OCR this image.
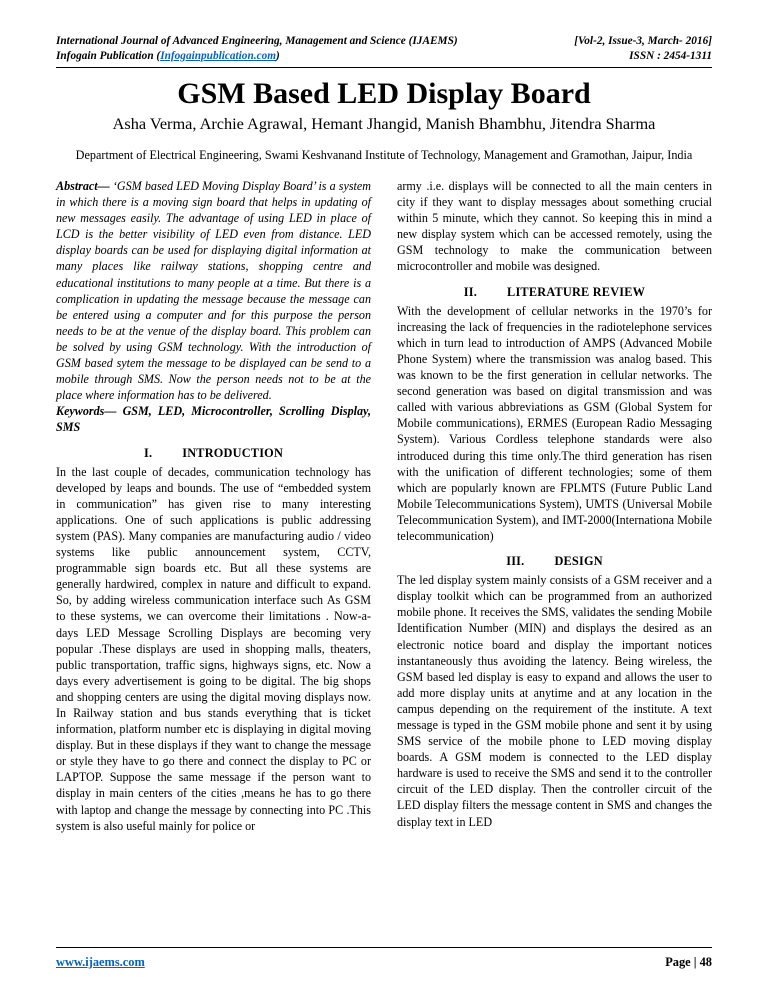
International Journal of Advanced Engineering, Management and Science (IJAEMS)
Infogain Publication (Infogainpublication.com)
[Vol-2, Issue-3, March- 2016]
ISSN : 2454-1311
GSM Based LED Display Board
Asha Verma, Archie Agrawal, Hemant Jhangid, Manish Bhambhu, Jitendra Sharma
Department of Electrical Engineering, Swami Keshvanand Institute of Technology, Management and Gramothan, Jaipur, India

Abstract— ‘GSM based LED Moving Display Board’ is a system in which there is a moving sign board that helps in updating of new messages easily. The advantage of using LED in place of LCD is the better visibility of LED even from distance. LED display boards can be used for displaying digital information at many places like railway stations, shopping centre and educational institutions to many people at a time. But there is a complication in updating the message because the message can be entered using a computer and for this purpose the person needs to be at the venue of the display board. This problem can be solved by using GSM technology. With the introduction of GSM based sytem the message to be displayed can be send to a mobile through SMS. Now the person needs not to be at the place where information has to be delivered.

Keywords— GSM, LED, Microcontroller, Scrolling Display, SMS

I. INTRODUCTION

In the last couple of decades, communication technology has developed by leaps and bounds. The use of “embedded system in communication” has given rise to many interesting applications. One of such applications is public addressing system (PAS). Many companies are manufacturing audio / video systems like public announcement system, CCTV, programmable sign boards etc. But all these systems are generally hardwired, complex in nature and difficult to expand. So, by adding wireless communication interface such As GSM to these systems, we can overcome their limitations . Now-a-days LED Message Scrolling Displays are becoming very popular .These displays are used in shopping malls, theaters, public transportation, traffic signs, highways signs, etc. Now a days every advertisement is going to be digital. The big shops and shopping centers are using the digital moving displays now. In Railway station and bus stands everything that is ticket information, platform number etc is displaying in digital moving display. But in these displays if they want to change the message or style they have to go there and connect the display to PC or LAPTOP. Suppose the same message if the person want to display in main centers of the cities ,means he has to go there with laptop and change the message by connecting into PC .This system is also useful mainly for police or

army .i.e. displays will be connected to all the main centers in city if they want to display messages about something crucial within 5 minute, which they cannot. So keeping this in mind a new display system which can be accessed remotely, using the GSM technology to make the communication between microcontroller and mobile was designed.

II. LITERATURE REVIEW

With the development of cellular networks in the 1970’s for increasing the lack of frequencies in the radiotelephone services which in turn lead to introduction of AMPS (Advanced Mobile Phone System) where the transmission was analog based. This was known to be the first generation in cellular networks. The second generation was based on digital transmission and was called with various abbreviations as GSM (Global System for Mobile communications), ERMES (European Radio Messaging System). Various Cordless telephone standards were also introduced during this time only.The third generation has risen with the unification of different technologies; some of them which are popularly known are FPLMTS (Future Public Land Mobile Telecommunications System), UMTS (Universal Mobile Telecommunication System), and IMT-2000(Internationa Mobile telecommunication)

III. DESIGN

The led display system mainly consists of a GSM receiver and a display toolkit which can be programmed from an authorized mobile phone. It receives the SMS, validates the sending Mobile Identification Number (MIN) and displays the desired as an electronic notice board and display the important notices instantaneously thus avoiding the latency. Being wireless, the GSM based led display is easy to expand and allows the user to add more display units at anytime and at any location in the campus depending on the requirement of the institute. A text message is typed in the GSM mobile phone and sent it by using SMS service of the mobile phone to LED moving display boards. A GSM modem is connected to the LED display hardware is used to receive the SMS and send it to the controller circuit of the LED display. Then the controller circuit of the LED display filters the message content in SMS and changes the display text in LED

www.ijaems.com	Page | 48
